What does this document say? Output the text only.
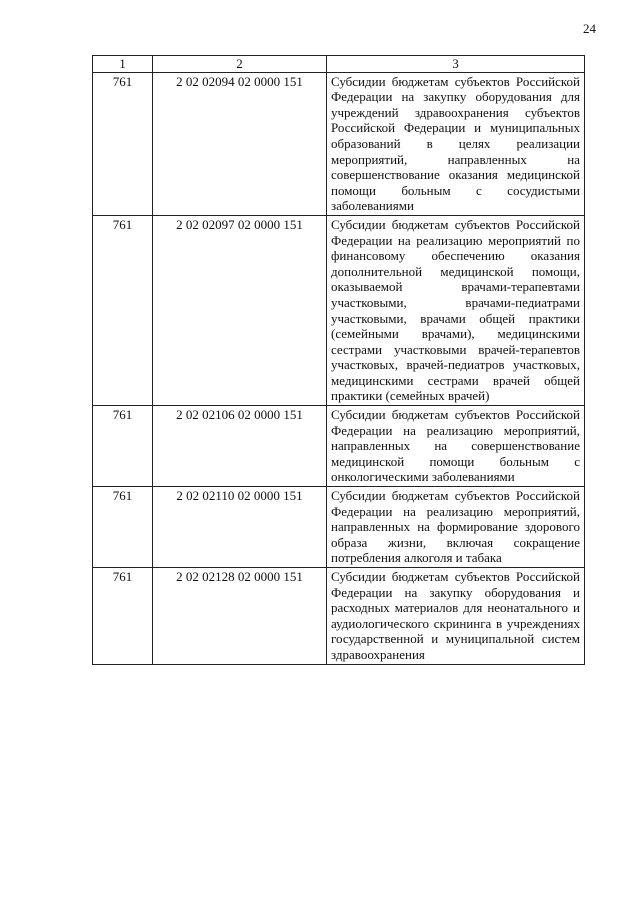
24
1	2	3
761	2 02 02094 02 0000 151	Субсидии бюджетам субъектов Российской Федерации на закупку оборудования для учреждений здравоохранения субъектов Российской Федерации и муниципальных образований в целях реализации мероприятий, направленных на совершенствование оказания медицинской помощи больным с сосудистыми заболеваниями
761	2 02 02097 02 0000 151	Субсидии бюджетам субъектов Российской Федерации на реализацию мероприятий по финансовому обеспечению оказания дополнительной медицинской помощи, оказываемой врачами-терапевтами участковыми, врачами-педиатрами участковыми, врачами общей практики (семейными врачами), медицинскими сестрами участковыми врачей-терапевтов участковых, врачей-педиатров участковых, медицинскими сестрами врачей общей практики (семейных врачей)
761	2 02 02106 02 0000 151	Субсидии бюджетам субъектов Российской Федерации на реализацию мероприятий, направленных на совершенствование медицинской помощи больным с онкологическими заболеваниями
761	2 02 02110 02 0000 151	Субсидии бюджетам субъектов Российской Федерации на реализацию мероприятий, направленных на формирование здорового образа жизни, включая сокращение потребления алкоголя и табака
761	2 02 02128 02 0000 151	Субсидии бюджетам субъектов Российской Федерации на закупку оборудования и расходных материалов для неонатального и аудиологического скрининга в учреждениях государственной и муниципальной систем здравоохранения
